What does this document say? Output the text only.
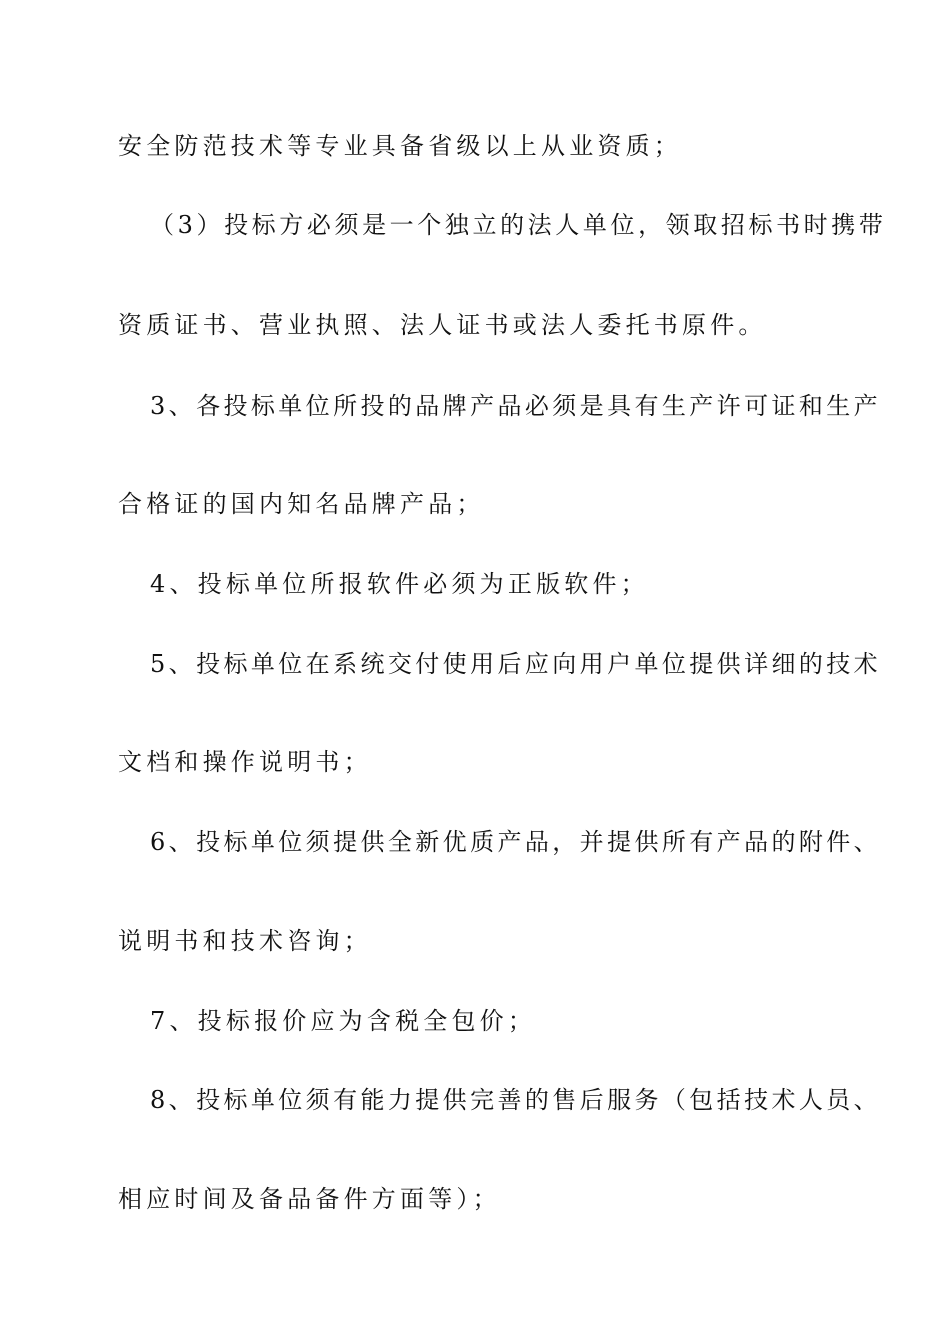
安全防范技术等专业具备省级以上从业资质；
（3）投标方必须是一个独立的法人单位，领取招标书时携带
资质证书、营业执照、法人证书或法人委托书原件。
3、各投标单位所投的品牌产品必须是具有生产许可证和生产
合格证的国内知名品牌产品；
4、投标单位所报软件必须为正版软件；
5、投标单位在系统交付使用后应向用户单位提供详细的技术
文档和操作说明书；
6、投标单位须提供全新优质产品，并提供所有产品的附件、
说明书和技术咨询；
7、投标报价应为含税全包价；
8、投标单位须有能力提供完善的售后服务（包括技术人员、
相应时间及备品备件方面等）；
